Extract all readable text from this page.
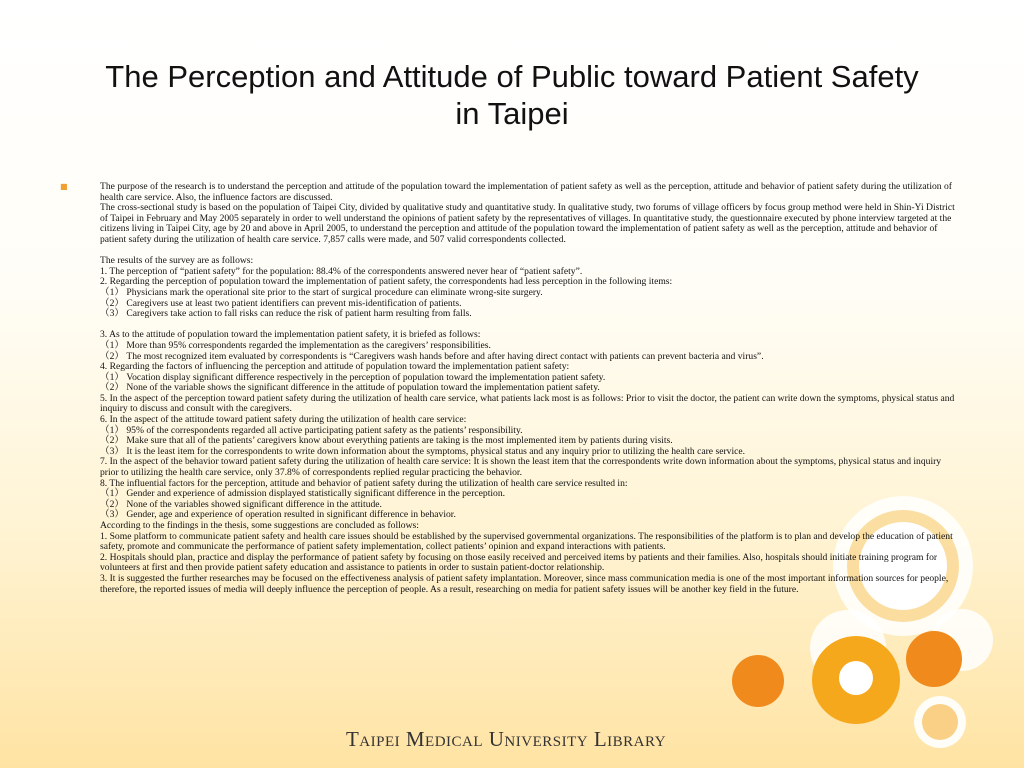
The Perception and Attitude of Public toward Patient Safety
in Taipei
■	The purpose of the research is to understand the perception and attitude of the population toward the implementation of patient safety as well as the perception, attitude and behavior of patient safety during the utilization of health care service. Also, the influence factors are discussed.
The cross-sectional study is based on the population of Taipei City, divided by qualitative study and quantitative study. In qualitative study, two forums of village officers by focus group method were held in Shin-Yi District of Taipei in February and May 2005 separately in order to well understand the opinions of patient safety by the representatives of villages. In quantitative study, the questionnaire executed by phone interview targeted at the citizens living in Taipei City, age by 20 and above in April 2005, to understand the perception and attitude of the population toward the implementation of patient safety as well as the perception, attitude and behavior of patient safety during the utilization of health care service. 7,857 calls were made, and 507 valid correspondents collected.
The results of the survey are as follows:
1. The perception of “patient safety” for the population: 88.4% of the correspondents answered never hear of “patient safety”.
2. Regarding the perception of population toward the implementation of patient safety, the correspondents had less perception in the following items:
（1） Physicians mark the operational site prior to the start of surgical procedure can eliminate wrong-site surgery.
（2） Caregivers use at least two patient identifiers can prevent mis-identification of patients.
（3） Caregivers take action to fall risks can reduce the risk of patient harm resulting from falls.
3. As to the attitude of population toward the implementation patient safety, it is briefed as follows:
（1） More than 95% correspondents regarded the implementation as the caregivers’ responsibilities.
（2） The most recognized item evaluated by correspondents is “Caregivers wash hands before and after having direct contact with patients can prevent bacteria and virus”.
4. Regarding the factors of influencing the perception and attitude of population toward the implementation patient safety:
（1） Vocation display significant difference respectively in the perception of population toward the implementation patient safety.
（2） None of the variable shows the significant difference in the attitude of population toward the implementation patient safety.
5. In the aspect of the perception toward patient safety during the utilization of health care service, what patients lack most is as follows: Prior to visit the doctor, the patient can write down the symptoms, physical status and inquiry to discuss and consult with the caregivers.
6. In the aspect of the attitude toward patient safety during the utilization of health care service:
（1） 95% of the correspondents regarded all active participating patient safety as the patients’ responsibility.
（2） Make sure that all of the patients’ caregivers know about everything patients are taking is the most implemented item by patients during visits.
（3） It is the least item for the correspondents to write down information about the symptoms, physical status and any inquiry prior to utilizing the health care service.
7. In the aspect of the behavior toward patient safety during the utilization of health care service: It is shown the least item that the correspondents write down information about the symptoms, physical status and inquiry prior to utilizing the health care service, only 37.8% of correspondents replied regular practicing the behavior.
8. The influential factors for the perception, attitude and behavior of patient safety during the utilization of health care service resulted in:
（1） Gender and experience of admission displayed statistically significant difference in the perception.
（2） None of the variables showed significant difference in the attitude.
（3） Gender, age and experience of operation resulted in significant difference in behavior.
According to the findings in the thesis, some suggestions are concluded as follows:
1. Some platform to communicate patient safety and health care issues should be established by the supervised governmental organizations. The responsibilities of the platform is to plan and develop the education of patient safety, promote and communicate the performance of patient safety implementation, collect patients’ opinion and expand interactions with patients.
2. Hospitals should plan, practice and display the performance of patient safety by focusing on those easily received and perceived items by patients and their families. Also, hospitals should initiate training program for volunteers at first and then provide patient safety education and assistance to patients in order to sustain patient-doctor relationship.
3. It is suggested the further researches may be focused on the effectiveness analysis of patient safety implantation. Moreover, since mass communication media is one of the most important information sources for people, therefore, the reported issues of media will deeply influence the perception of people. As a result, researching on media for patient safety issues will be another key field in the future.
Taipei Medical University Library
